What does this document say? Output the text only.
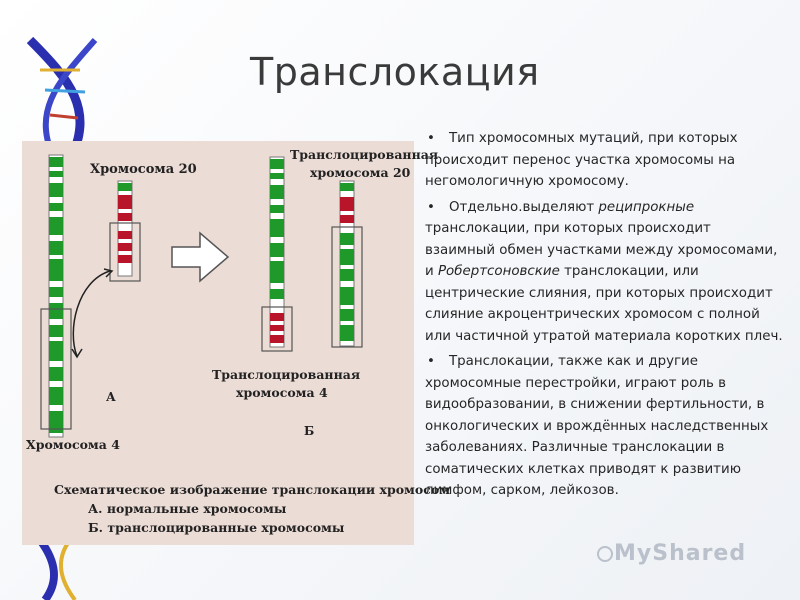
Транслокация
Хромосома 20
Транслоцированная
хромосома 20
Транслоцированная
хромосома 4
А
Б
Хромосома 4
Схематическое изображение транслокации хромосом
А. нормальные хромосомы
Б. транслоцированные хромосомы

• Тип хромосомных мутаций, при которых происходит перенос участка хромосомы на негомологичную хромосому.

• Отдельно.выделяют реципрокные транслокации, при которых происходит взаимный обмен участками между хромосомами,
и Робертсоновские транслокации, или центрические слияния, при которых происходит слияние акроцентрических хромосом с полной или частичной утратой материала коротких плеч.

• Транслокации, также как и другие хромосомные перестройки, играют роль в видообразовании, в снижении фертильности, в онкологических и врождённых наследственных заболеваниях. Различные транслокации в соматических клетках приводят к развитию лимфом, сарком, лейкозов.

MyShared
